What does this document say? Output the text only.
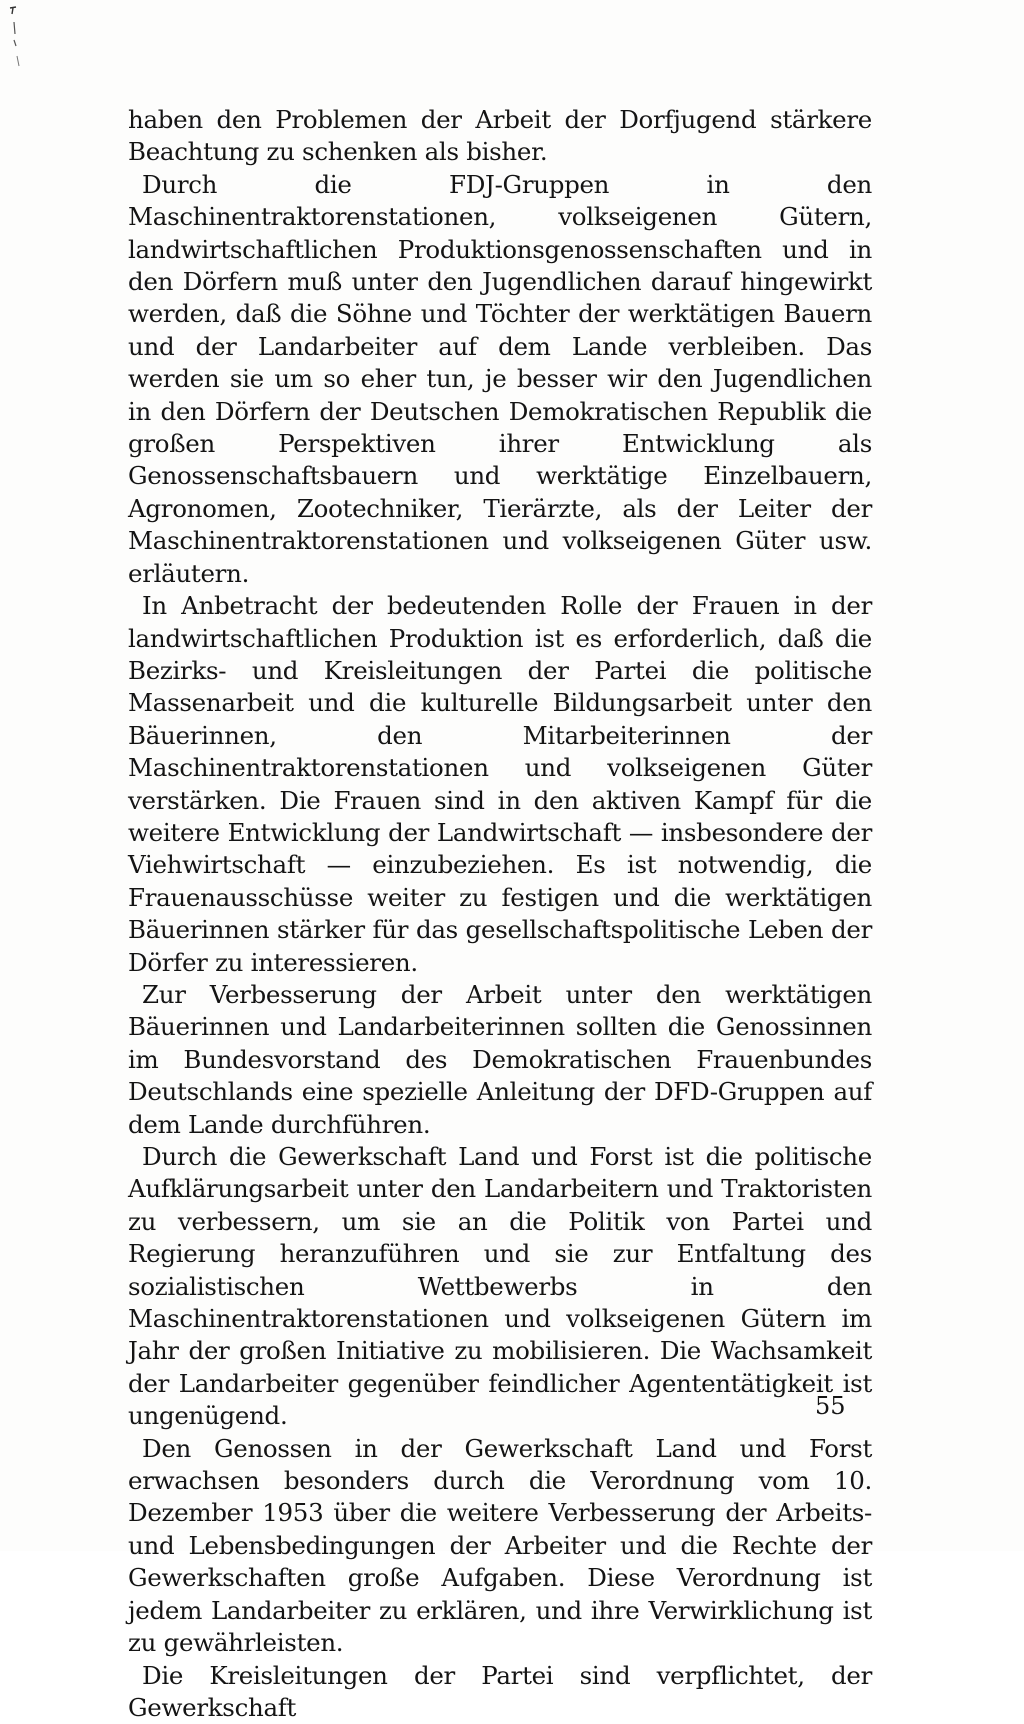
haben den Problemen der Arbeit der Dorfjugend stärkere Beachtung zu schenken als bisher.

Durch die FDJ-Gruppen in den Maschinentraktorenstationen, volkseigenen Gütern, landwirtschaftlichen Produktionsgenossenschaften und in den Dörfern muß unter den Jugendlichen darauf hingewirkt werden, daß die Söhne und Töchter der werktätigen Bauern und der Landarbeiter auf dem Lande verbleiben. Das werden sie um so eher tun, je besser wir den Jugendlichen in den Dörfern der Deutschen Demokratischen Republik die großen Perspektiven ihrer Entwicklung als Genossenschaftsbauern und werktätige Einzelbauern, Agronomen, Zootechniker, Tierärzte, als der Leiter der Maschinentraktorenstationen und volkseigenen Güter usw. erläutern.

In Anbetracht der bedeutenden Rolle der Frauen in der landwirtschaftlichen Produktion ist es erforderlich, daß die Bezirks- und Kreisleitungen der Partei die politische Massenarbeit und die kulturelle Bildungsarbeit unter den Bäuerinnen, den Mitarbeiterinnen der Maschinentraktorenstationen und volkseigenen Güter verstärken. Die Frauen sind in den aktiven Kampf für die weitere Entwicklung der Landwirtschaft — insbesondere der Viehwirtschaft — einzubeziehen. Es ist notwendig, die Frauenausschüsse weiter zu festigen und die werktätigen Bäuerinnen stärker für das gesellschaftspolitische Leben der Dörfer zu interessieren.

Zur Verbesserung der Arbeit unter den werktätigen Bäuerinnen und Landarbeiterinnen sollten die Genossinnen im Bundesvorstand des Demokratischen Frauenbundes Deutschlands eine spezielle Anleitung der DFD-Gruppen auf dem Lande durchführen.

Durch die Gewerkschaft Land und Forst ist die politische Aufklärungsarbeit unter den Landarbeitern und Traktoristen zu verbessern, um sie an die Politik von Partei und Regierung heranzuführen und sie zur Entfaltung des sozialistischen Wettbewerbs in den Maschinentraktorenstationen und volkseigenen Gütern im Jahr der großen Initiative zu mobilisieren. Die Wachsamkeit der Landarbeiter gegenüber feindlicher Agententätigkeit ist ungenügend.

Den Genossen in der Gewerkschaft Land und Forst erwachsen besonders durch die Verordnung vom 10. Dezember 1953 über die weitere Verbesserung der Arbeits- und Lebensbedingungen der Arbeiter und die Rechte der Gewerkschaften große Aufgaben. Diese Verordnung ist jedem Landarbeiter zu erklären, und ihre Verwirklichung ist zu gewährleisten.

Die Kreisleitungen der Partei sind verpflichtet, der Gewerkschaft

55
